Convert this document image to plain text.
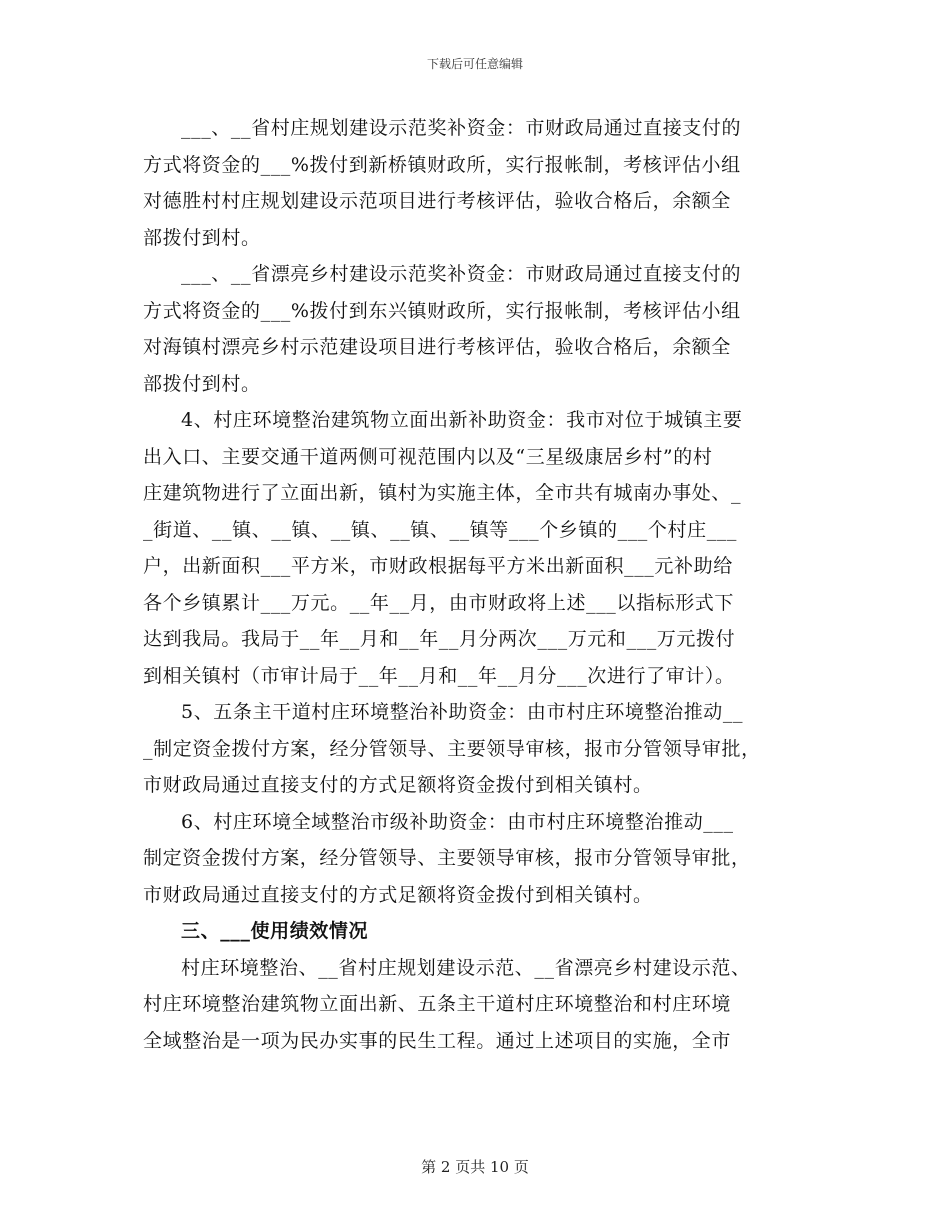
下载后可任意编辑
___、__省村庄规划建设示范奖补资金：市财政局通过直接支付的
方式将资金的___%拨付到新桥镇财政所，实行报帐制，考核评估小组
对德胜村村庄规划建设示范项目进行考核评估，验收合格后，余额全
部拨付到村。
___、__省漂亮乡村建设示范奖补资金：市财政局通过直接支付的
方式将资金的___%拨付到东兴镇财政所，实行报帐制，考核评估小组
对海镇村漂亮乡村示范建设项目进行考核评估，验收合格后，余额全
部拨付到村。
4、村庄环境整治建筑物立面出新补助资金：我市对位于城镇主要
出入口、主要交通干道两侧可视范围内以及“三星级康居乡村”的村
庄建筑物进行了立面出新，镇村为实施主体，全市共有城南办事处、_
_街道、__镇、__镇、__镇、__镇、__镇等___个乡镇的___个村庄___
户，出新面积___平方米，市财政根据每平方米出新面积___元补助给
各个乡镇累计___万元。__年__月，由市财政将上述___以指标形式下
达到我局。我局于__年__月和__年__月分两次___万元和___万元拨付
到相关镇村（市审计局于__年__月和__年__月分___次进行了审计）。
5、五条主干道村庄环境整治补助资金：由市村庄环境整治推动__
_制定资金拨付方案，经分管领导、主要领导审核，报市分管领导审批，
市财政局通过直接支付的方式足额将资金拨付到相关镇村。
6、村庄环境全域整治市级补助资金：由市村庄环境整治推动___
制定资金拨付方案，经分管领导、主要领导审核，报市分管领导审批，
市财政局通过直接支付的方式足额将资金拨付到相关镇村。
三、___使用绩效情况
村庄环境整治、__省村庄规划建设示范、__省漂亮乡村建设示范、
村庄环境整治建筑物立面出新、五条主干道村庄环境整治和村庄环境
全域整治是一项为民办实事的民生工程。通过上述项目的实施，全市
第 2 页共 10 页
